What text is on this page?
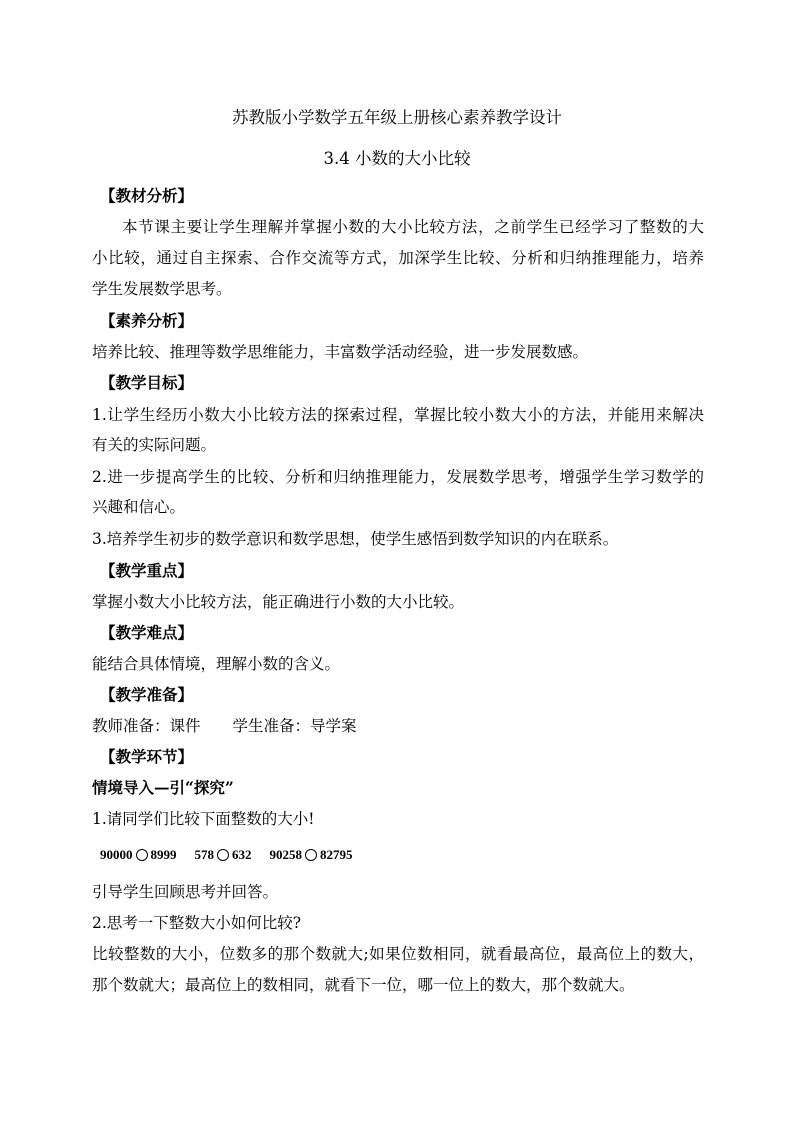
苏教版小学数学五年级上册核心素养教学设计
3.4 小数的大小比较
【教材分析】
本节课主要让学生理解并掌握小数的大小比较方法，之前学生已经学习了整数的大
小比较，通过自主探索、合作交流等方式，加深学生比较、分析和归纳推理能力，培养
学生发展数学思考。
【素养分析】
培养比较、推理等数学思维能力，丰富数学活动经验，进一步发展数感。
【教学目标】
1.让学生经历小数大小比较方法的探索过程，掌握比较小数大小的方法，并能用来解决
有关的实际问题。
2.进一步提高学生的比较、分析和归纳推理能力，发展数学思考，增强学生学习数学的
兴趣和信心。
3.培养学生初步的数学意识和数学思想，使学生感悟到数学知识的内在联系。
【教学重点】
掌握小数大小比较方法，能正确进行小数的大小比较。
【教学难点】
能结合具体情境，理解小数的含义。
【教学准备】
教师准备：课件 学生准备：导学案
【教学环节】
情境导入—引“探究”
1.请同学们比较下面整数的大小!
90000 8999 578 632 90258 82795
引导学生回顾思考并回答。
2.思考一下整数大小如何比较?
比较整数的大小，位数多的那个数就大;如果位数相同，就看最高位，最高位上的数大，
那个数就大；最高位上的数相同，就看下一位，哪一位上的数大，那个数就大。
